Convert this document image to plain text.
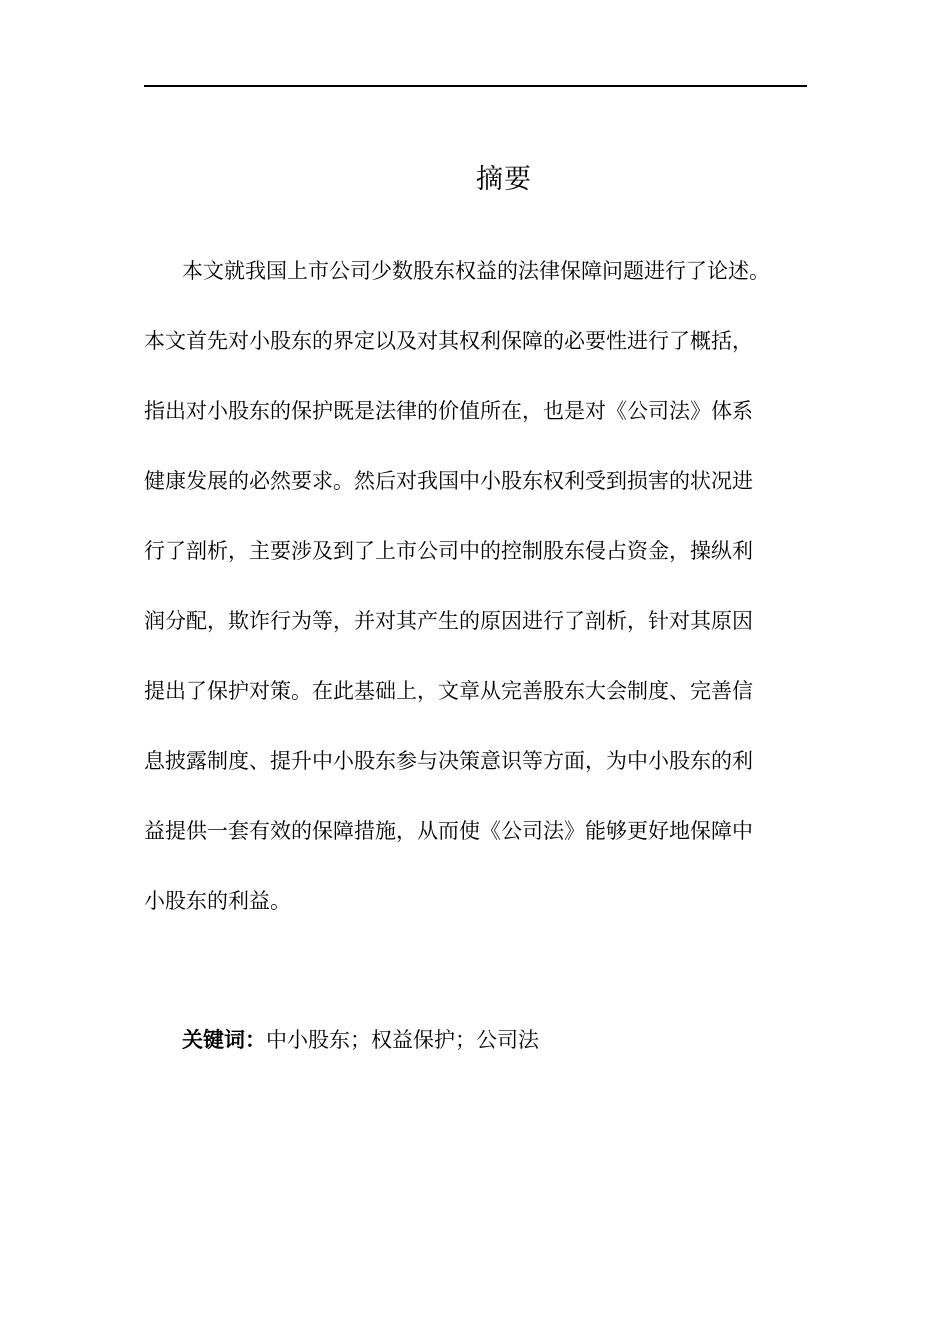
摘要
本文就我国上市公司少数股东权益的法律保障问题进行了论述。
本文首先对小股东的界定以及对其权利保障的必要性进行了概括，
指出对小股东的保护既是法律的价值所在，也是对《公司法》体系
健康发展的必然要求。然后对我国中小股东权利受到损害的状况进
行了剖析，主要涉及到了上市公司中的控制股东侵占资金，操纵利
润分配，欺诈行为等，并对其产生的原因进行了剖析，针对其原因
提出了保护对策。在此基础上，文章从完善股东大会制度、完善信
息披露制度、提升中小股东参与决策意识等方面，为中小股东的利
益提供一套有效的保障措施，从而使《公司法》能够更好地保障中
小股东的利益。
关键词：中小股东；权益保护；公司法
